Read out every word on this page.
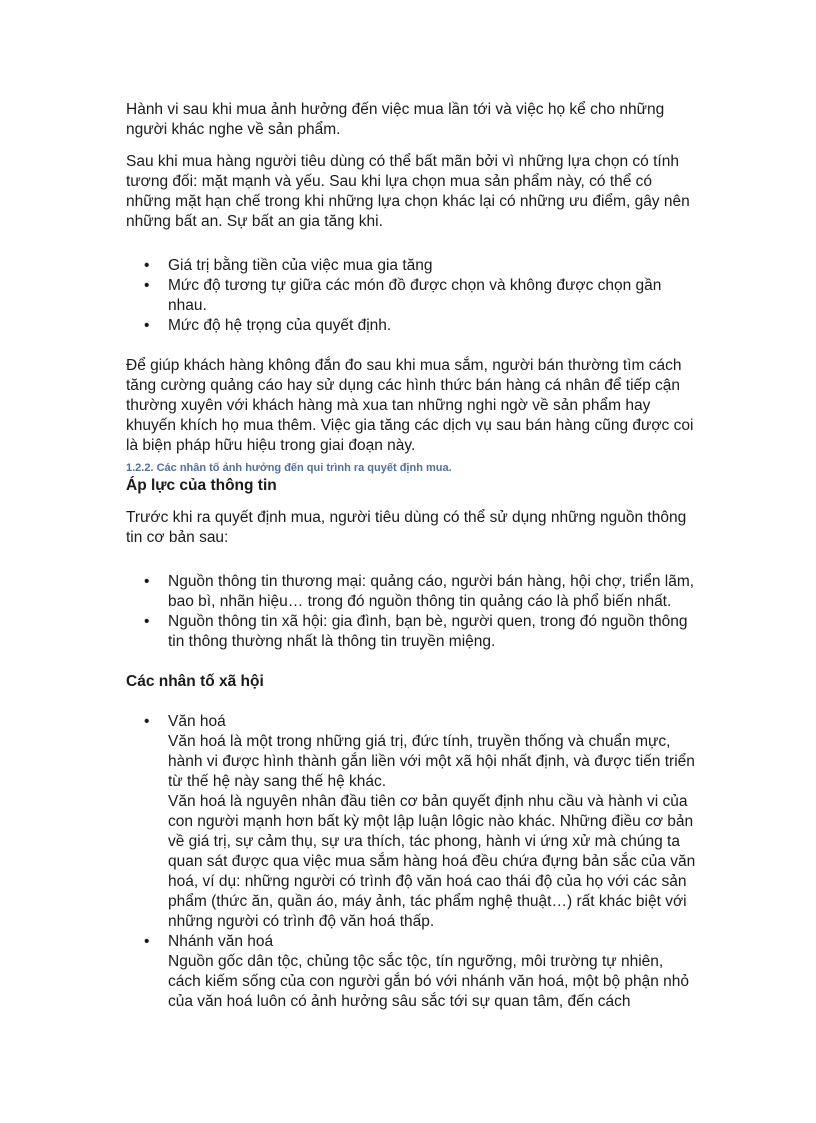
Hành vi sau khi mua ảnh hưởng đến việc mua lần tới và việc họ kể cho những người khác nghe về sản phẩm.

Sau khi mua hàng người tiêu dùng có thể bất mãn bởi vì những lựa chọn có tính tương đối: mặt mạnh và yếu. Sau khi lựa chọn mua sản phẩm này, có thể có những mặt hạn chế trong khi những lựa chọn khác lại có những ưu điểm, gây nên những bất an. Sự bất an gia tăng khi.

• Giá trị bằng tiền của việc mua gia tăng
• Mức độ tương tự giữa các món đồ được chọn và không được chọn gần nhau.
• Mức độ hệ trọng của quyết định.

Để giúp khách hàng không đắn đo sau khi mua sắm, người bán thường tìm cách tăng cường quảng cáo hay sử dụng các hình thức bán hàng cá nhân để tiếp cận thường xuyên với khách hàng mà xua tan những nghi ngờ về sản phẩm hay khuyến khích họ mua thêm. Việc gia tăng các dịch vụ sau bán hàng cũng được coi là biện pháp hữu hiệu trong giai đoạn này.

1.2.2. Các nhân tố ảnh hưởng đến qui trình ra quyết định mua.
Áp lực của thông tin

Trước khi ra quyết định mua, người tiêu dùng có thể sử dụng những nguồn thông tin cơ bản sau:

• Nguồn thông tin thương mại: quảng cáo, người bán hàng, hội chợ, triển lãm, bao bì, nhãn hiệu… trong đó nguồn thông tin quảng cáo là phổ biến nhất.
• Nguồn thông tin xã hội: gia đình, bạn bè, người quen, trong đó nguồn thông tin thông thường nhất là thông tin truyền miệng.
Các nhân tố xã hội
• Văn hoá
Văn hoá là một trong những giá trị, đức tính, truyền thống và chuẩn mực, hành vi được hình thành gắn liền với một xã hội nhất định, và được tiến triển từ thế hệ này sang thế hệ khác.
Văn hoá là nguyên nhân đầu tiên cơ bản quyết định nhu cầu và hành vi của con người mạnh hơn bất kỳ một lập luận lôgic nào khác. Những điều cơ bản về giá trị, sự cảm thụ, sự ưa thích, tác phong, hành vi ứng xử mà chúng ta quan sát được qua việc mua sắm hàng hoá đều chứa đựng bản sắc của văn hoá, ví dụ: những người có trình độ văn hoá cao thái độ của họ với các sản phẩm (thức ăn, quần áo, máy ảnh, tác phẩm nghệ thuật…) rất khác biệt với những người có trình độ văn hoá thấp.
• Nhánh văn hoá
Nguồn gốc dân tộc, chủng tộc sắc tộc, tín ngưỡng, môi trường tự nhiên, cách kiếm sống của con người gắn bó với nhánh văn hoá, một bộ phận nhỏ của văn hoá luôn có ảnh hưởng sâu sắc tới sự quan tâm, đến cách
